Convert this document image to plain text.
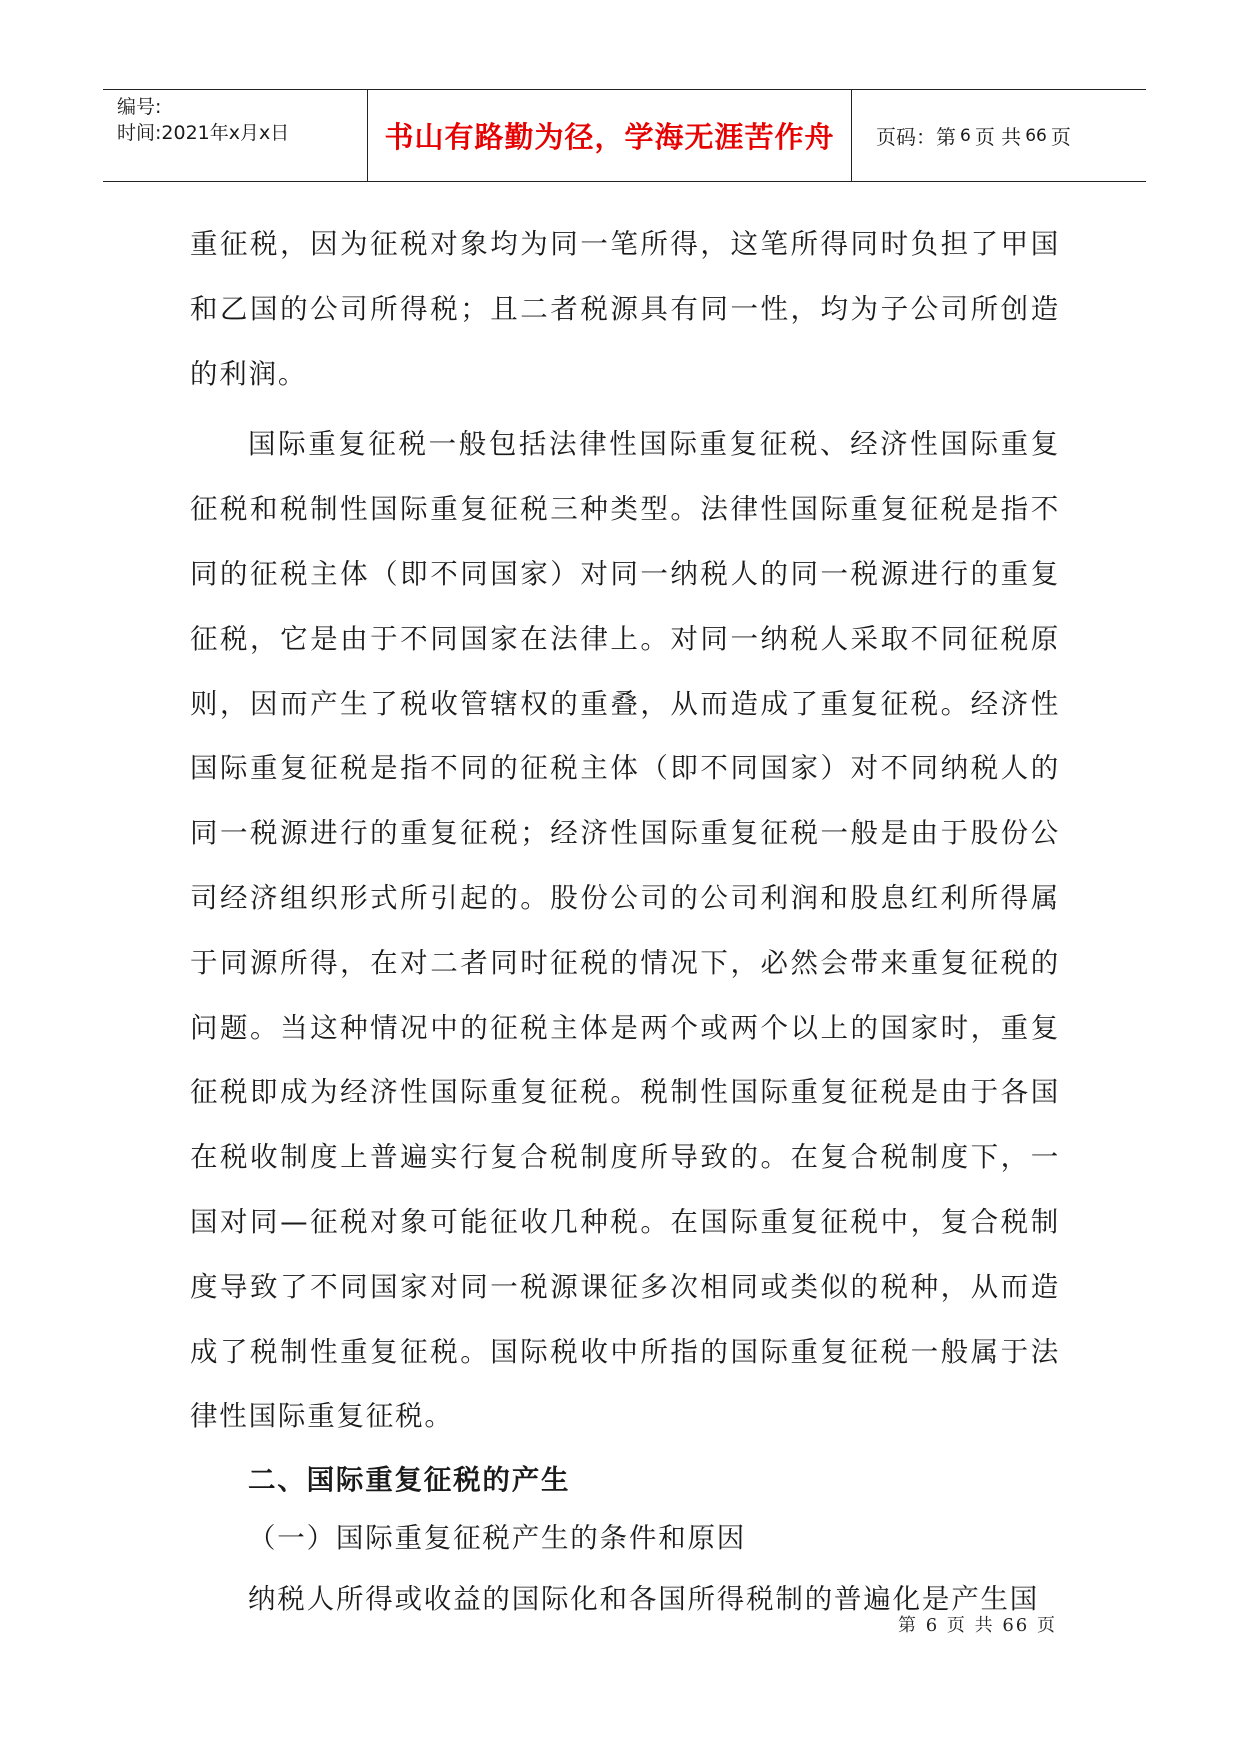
编号:
时间:2021年x月x日	书山有路勤为径，学海无涯苦作舟 页码：第 6 页 共 66 页

重征税，因为征税对象均为同一笔所得，这笔所得同时负担了甲国和乙国的公司所得税；且二者税源具有同一性，均为子公司所创造的利润。

国际重复征税一般包括法律性国际重复征税、经济性国际重复征税和税制性国际重复征税三种类型。法律性国际重复征税是指不同的征税主体（即不同国家）对同一纳税人的同一税源进行的重复征税，它是由于不同国家在法律上。对同一纳税人采取不同征税原则，因而产生了税收管辖权的重叠，从而造成了重复征税。经济性国际重复征税是指不同的征税主体（即不同国家）对不同纳税人的同一税源进行的重复征税；经济性国际重复征税一般是由于股份公司经济组织形式所引起的。股份公司的公司利润和股息红利所得属于同源所得，在对二者同时征税的情况下，必然会带来重复征税的问题。当这种情况中的征税主体是两个或两个以上的国家时，重复征税即成为经济性国际重复征税。税制性国际重复征税是由于各国在税收制度上普遍实行复合税制度所导致的。在复合税制度下，一国对同—征税对象可能征收几种税。在国际重复征税中，复合税制度导致了不同国家对同一税源课征多次相同或类似的税种，从而造成了税制性重复征税。国际税收中所指的国际重复征税一般属于法律性国际重复征税。

二、国际重复征税的产生

（一）国际重复征税产生的条件和原因

纳税人所得或收益的国际化和各国所得税制的普遍化是产生国

第 6 页 共 66 页
